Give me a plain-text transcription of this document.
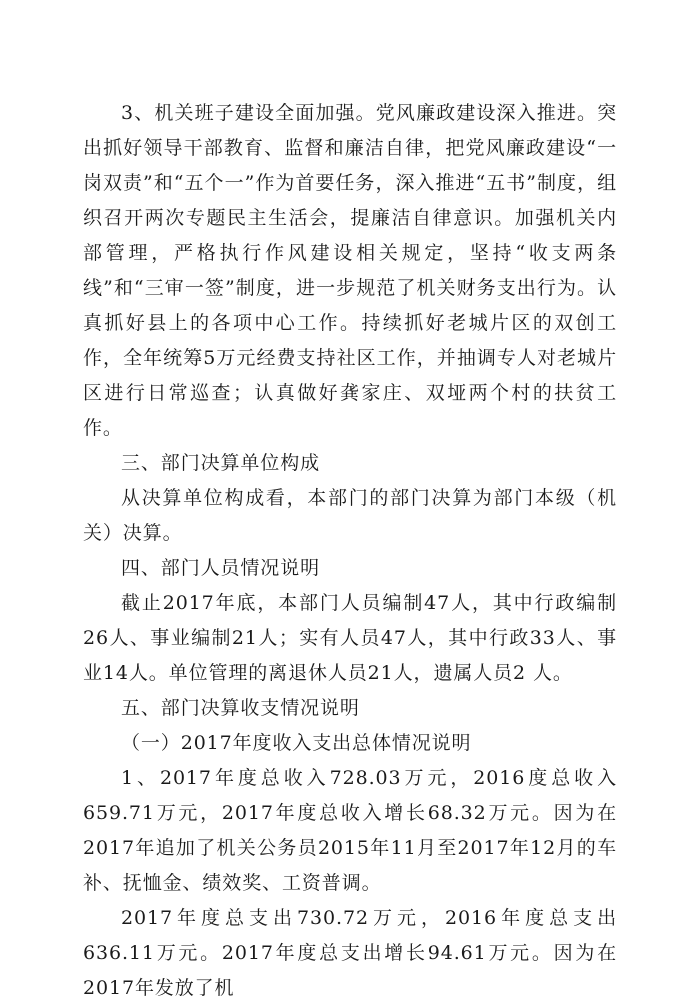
3、机关班子建设全面加强。党风廉政建设深入推进。突出抓好领导干部教育、监督和廉洁自律，把党风廉政建设“一岗双责”和“五个一”作为首要任务，深入推进“五书”制度，组织召开两次专题民主生活会，提廉洁自律意识。加强机关内部管理，严格执行作风建设相关规定，坚持“收支两条线”和“三审一签”制度，进一步规范了机关财务支出行为。认真抓好县上的各项中心工作。持续抓好老城片区的双创工作，全年统筹5万元经费支持社区工作，并抽调专人对老城片区进行日常巡查；认真做好龚家庄、双垭两个村的扶贫工作。

三、部门决算单位构成

从决算单位构成看，本部门的部门决算为部门本级（机关）决算。

四、部门人员情况说明

截止2017年底，本部门人员编制47人，其中行政编制26人、事业编制21人；实有人员47人，其中行政33人、事业14人。单位管理的离退休人员21人，遗属人员2 人。

五、部门决算收支情况说明

（一）2017年度收入支出总体情况说明

1、2017年度总收入728.03万元，2016度总收入659.71万元，2017年度总收入增长68.32万元。因为在2017年追加了机关公务员2015年11月至2017年12月的车补、抚恤金、绩效奖、工资普调。

2017年度总支出730.72万元，2016年度总支出636.11万元。2017年度总支出增长94.61万元。因为在2017年发放了机
